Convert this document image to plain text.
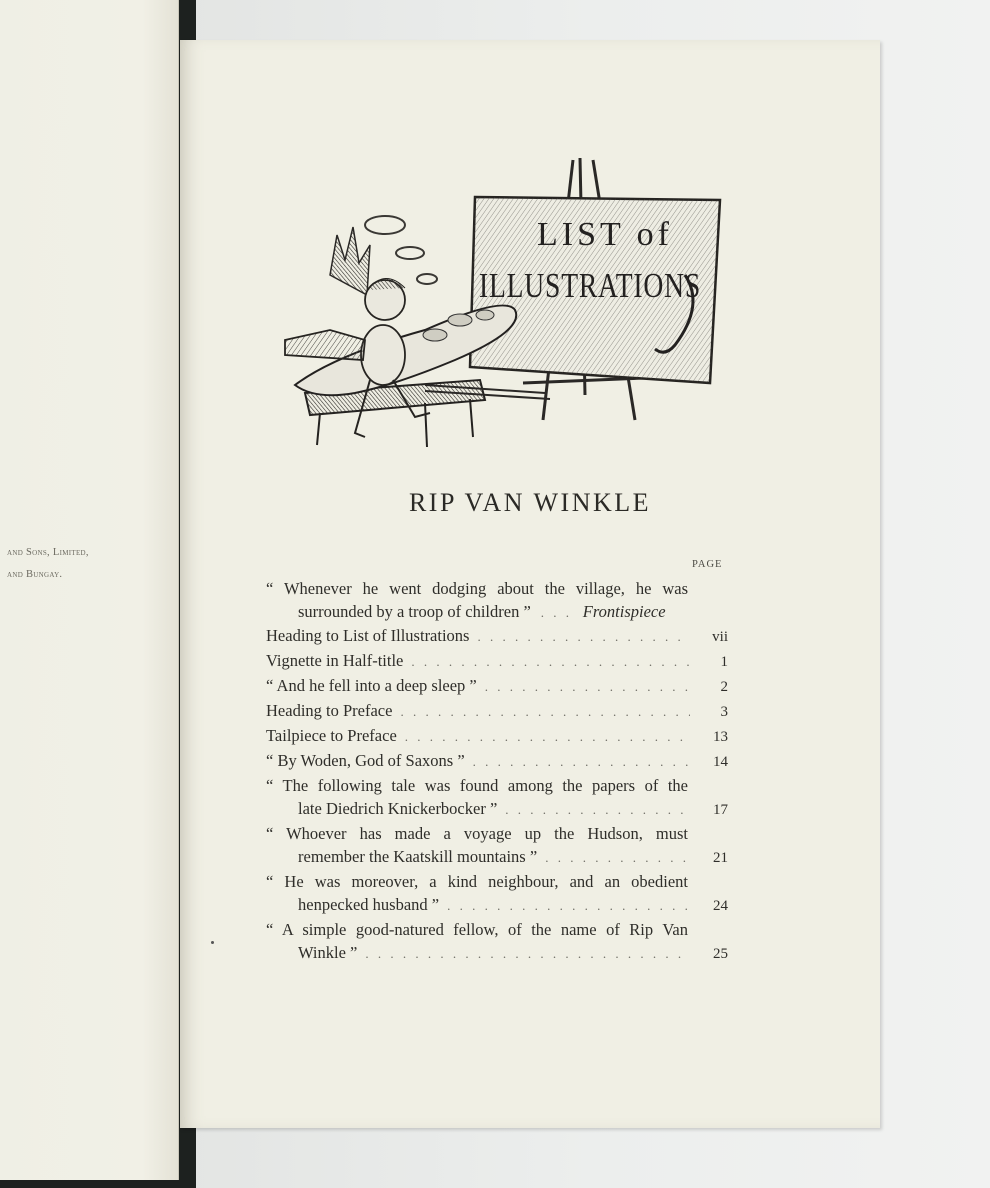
and Sons, Limited,
and Bungay.
LIST of
ILLUSTRATIONS
RIP VAN WINKLE
PAGE
“ Whenever he went dodging about the village, he was
surrounded by a troop of children ” . . .	Frontispiece
Heading to List of Illustrations . . .	vii
Vignette in Half-title . . .	1
“ And he fell into a deep sleep ” . . .	2
Heading to Preface . . .	3
Tailpiece to Preface . . .	13
“ By Woden, God of Saxons ” . . .	14
“ The following tale was found among the papers of the
late Diedrich Knickerbocker ” . . .	17
“ Whoever has made a voyage up the Hudson, must
remember the Kaatskill mountains ” . . .	21
“ He was moreover, a kind neighbour, and an obedient
henpecked husband ” . . .	24
“ A simple good-natured fellow, of the name of Rip Van
Winkle ” . . .	25
